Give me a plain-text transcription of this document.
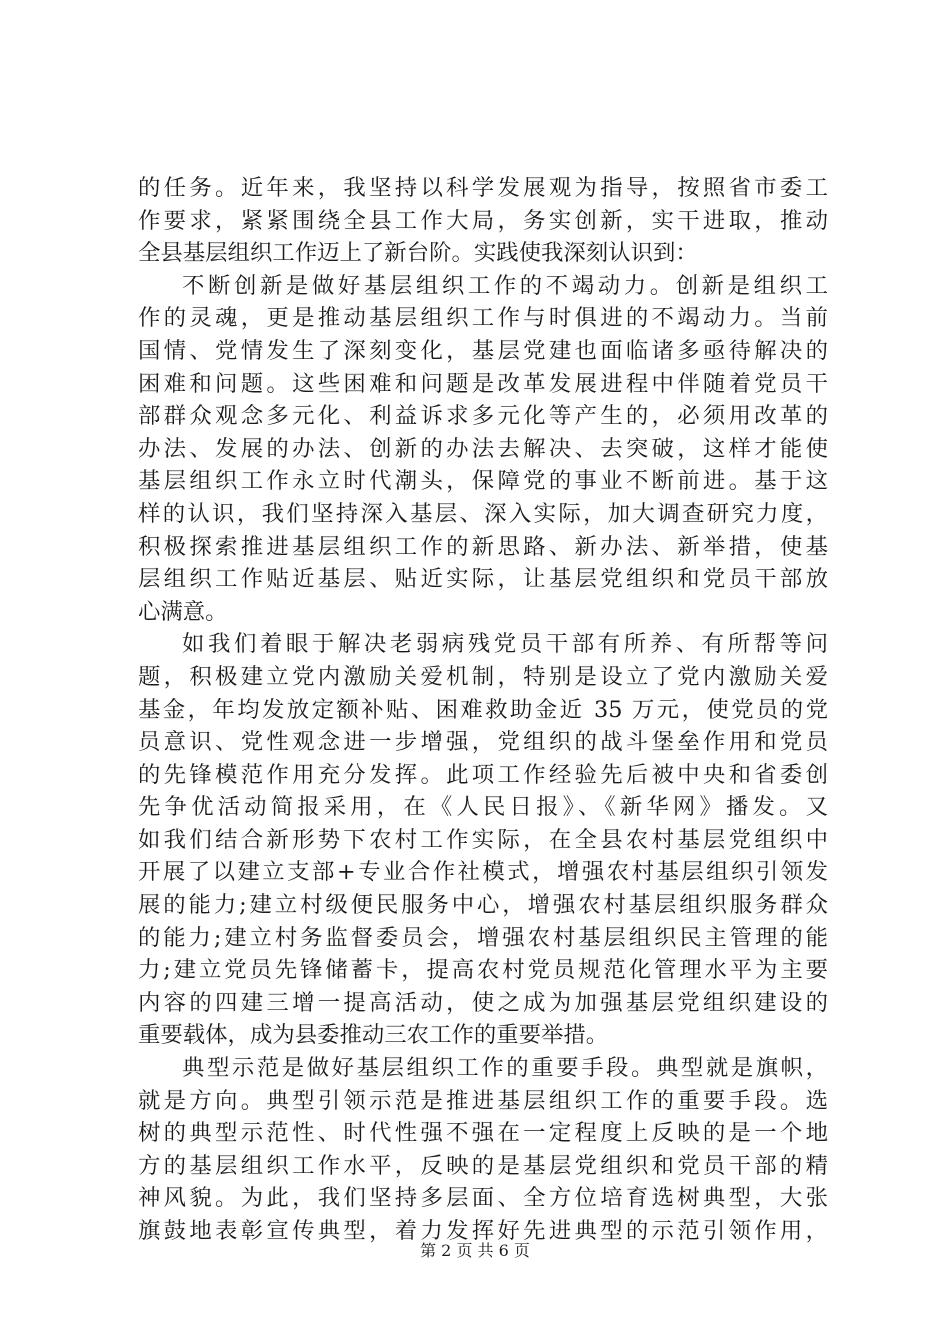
的任务。近年来，我坚持以科学发展观为指导，按照省市委工
作要求，紧紧围绕全县工作大局，务实创新，实干进取，推动
全县基层组织工作迈上了新台阶。实践使我深刻认识到：
不断创新是做好基层组织工作的不竭动力。创新是组织工
作的灵魂，更是推动基层组织工作与时俱进的不竭动力。当前
国情、党情发生了深刻变化，基层党建也面临诸多亟待解决的
困难和问题。这些困难和问题是改革发展进程中伴随着党员干
部群众观念多元化、利益诉求多元化等产生的，必须用改革的
办法、发展的办法、创新的办法去解决、去突破，这样才能使
基层组织工作永立时代潮头，保障党的事业不断前进。基于这
样的认识，我们坚持深入基层、深入实际，加大调查研究力度，
积极探索推进基层组织工作的新思路、新办法、新举措，使基
层组织工作贴近基层、贴近实际，让基层党组织和党员干部放
心满意。
如我们着眼于解决老弱病残党员干部有所养、有所帮等问
题，积极建立党内激励关爱机制，特别是设立了党内激励关爱
基金，年均发放定额补贴、困难救助金近 35 万元，使党员的党
员意识、党性观念进一步增强，党组织的战斗堡垒作用和党员
的先锋模范作用充分发挥。此项工作经验先后被中央和省委创
先争优活动简报采用，在《人民日报》、《新华网》播发。又
如我们结合新形势下农村工作实际，在全县农村基层党组织中
开展了以建立支部+专业合作社模式，增强农村基层组织引领发
展的能力;建立村级便民服务中心，增强农村基层组织服务群众
的能力;建立村务监督委员会，增强农村基层组织民主管理的能
力;建立党员先锋储蓄卡，提高农村党员规范化管理水平为主要
内容的四建三增一提高活动，使之成为加强基层党组织建设的
重要载体，成为县委推动三农工作的重要举措。
典型示范是做好基层组织工作的重要手段。典型就是旗帜，
就是方向。典型引领示范是推进基层组织工作的重要手段。选
树的典型示范性、时代性强不强在一定程度上反映的是一个地
方的基层组织工作水平，反映的是基层党组织和党员干部的精
神风貌。为此，我们坚持多层面、全方位培育选树典型，大张
旗鼓地表彰宣传典型，着力发挥好先进典型的示范引领作用，
第 2 页 共 6 页
